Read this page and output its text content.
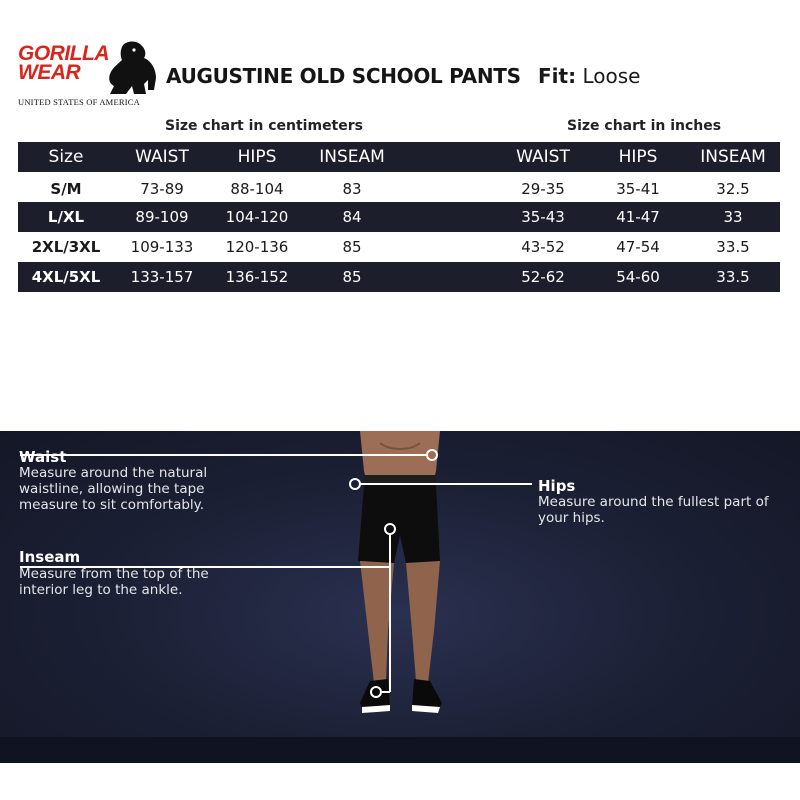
GORILLA
WEAR
UNITED STATES OF AMERICA
AUGUSTINE OLD SCHOOL PANTS Fit: Loose
Size chart in centimeters	Size chart in inches
Size	WAIST	HIPS	INSEAM	WAIST	HIPS	INSEAM
S/M	73-89	88-104	83	29-35	35-41	32.5
L/XL	89-109 104-120	84	35-43	41-47	33
2XL/3XL 109-133 120-136	85	43-52	47-54	33.5
4XL/5XL 133-157 136-152	85	52-62	54-60	33.5
Waist
Measure around the natural waistline, allowing the tape measure to sit comfortably.
Hips
Measure around the fullest part of your hips.
Inseam
Measure from the top of the interior leg to the ankle.
